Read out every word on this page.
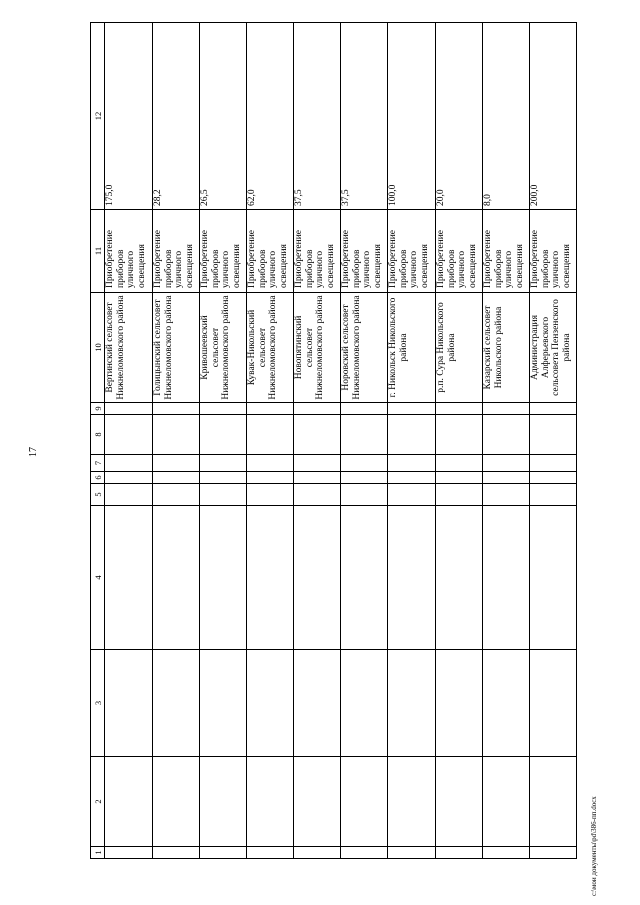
17
1	2	3	4	5	6	7	8	9	10	11	12
									Вертинский сельсовет Нижнеломовского района	Приобретение приборов уличного освещения	175,0
									Голицынский сельсовет Нижнеломовского района	Приобретение приборов уличного освещения	28,2
									Кривошеевский сельсовет Нижнеломовского района	Приобретение приборов уличного освещения	26,5
									Кувак-Никольский сельсовет Нижнеломовского района	Приобретение приборов уличного освещения	62,0
									Новопятинский сельсовет Нижнеломовского района	Приобретение приборов уличного освещения	37,5
									Норовский сельсовет Нижнеломовского района	Приобретение приборов уличного освещения	37,5
									г. Никольск Никольского района	Приобретение приборов уличного освещения	100,0
									р.п. Сура Никольского района	Приобретение приборов уличного освещения	20,0
									Казарский сельсовет Никольского района	Приобретение приборов уличного освещения	8,0
									Администрация Алферьевского сельсовета Пензенского района	Приобретение приборов уличного освещения	200,0
c:\мои документы\pd\386-пп.docx
